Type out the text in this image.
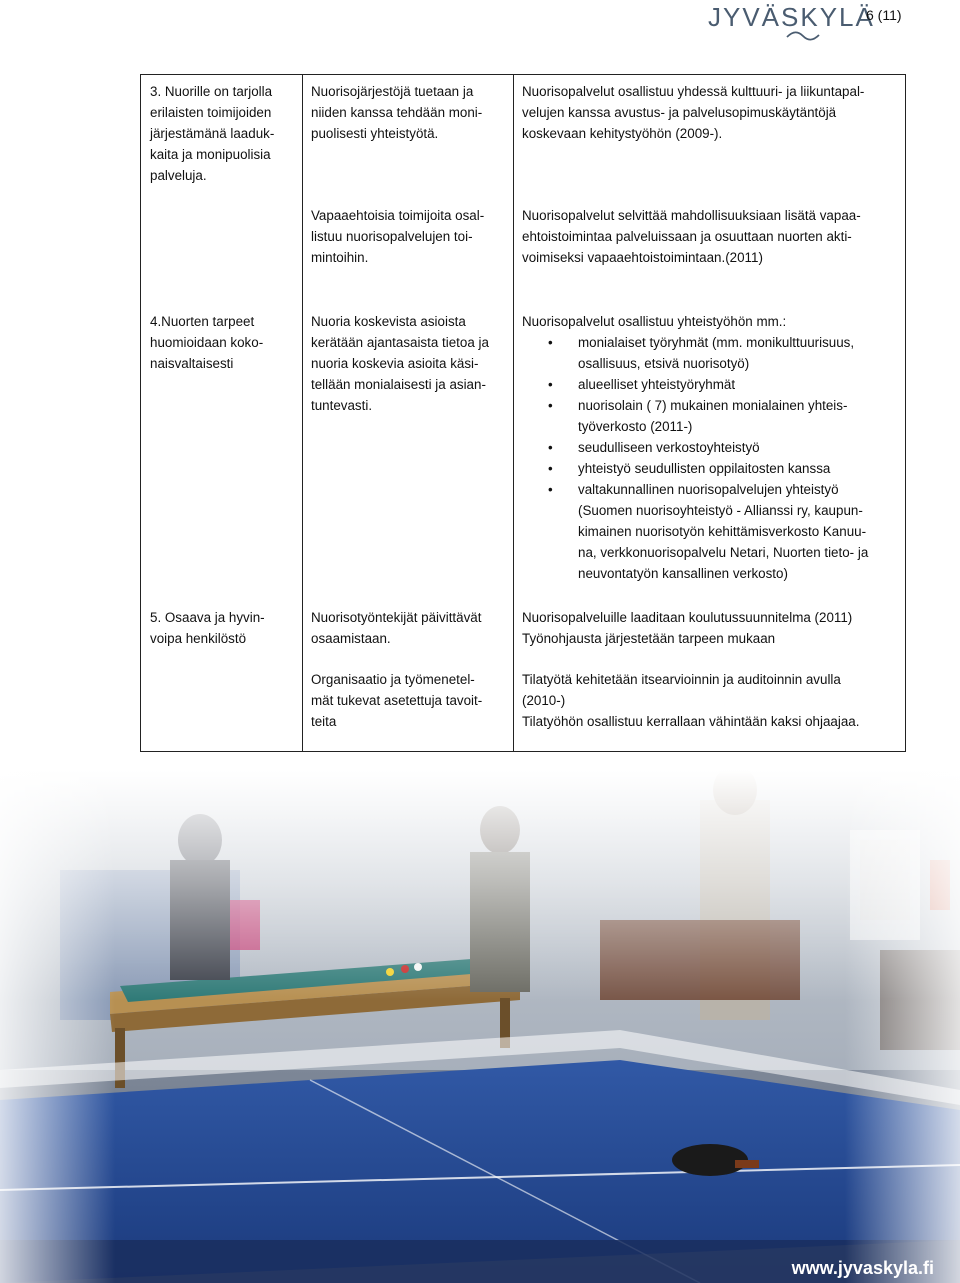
JYVÄSKYLÄ
6 (11)

3. Nuorille on tarjolla

erilaisten toimijoiden

järjestämänä laaduk-

kaita ja monipuolisia

palveluja.

Nuorisojärjestöjä tuetaan ja

niiden kanssa tehdään moni-

puolisesti yhteistyötä.

Nuorisopalvelut osallistuu yhdessä kulttuuri- ja liikuntapal-

velujen kanssa avustus- ja palvelusopimuskäytäntöjä

koskevaan kehitystyöhön (2009-).

Vapaaehtoisia toimijoita osal-

listuu nuorisopalvelujen toi-

mintoihin.

Nuorisopalvelut selvittää mahdollisuuksiaan lisätä vapaa-

ehtoistoimintaa palveluissaan ja osuuttaan nuorten akti-

voimiseksi vapaaehtoistoimintaan.(2011)

4.Nuorten tarpeet

huomioidaan koko-

naisvaltaisesti

Nuoria koskevista asioista

kerätään ajantasaista tietoa ja

nuoria koskevia asioita käsi-

tellään monialaisesti ja asian-

tuntevasti.

Nuorisopalvelut osallistuu yhteistyöhön mm.:

• monialaiset työryhmät (mm. monikulttuurisuus,

osallisuus, etsivä nuorisotyö)

• alueelliset yhteistyöryhmät

• nuorisolain ( 7) mukainen monialainen yhteis-

työverkosto (2011-)

• seudulliseen verkostoyhteistyö

• yhteistyö seudullisten oppilaitosten kanssa

• valtakunnallinen nuorisopalvelujen yhteistyö

(Suomen nuorisoyhteistyö - Allianssi ry, kaupun-

kimainen nuorisotyön kehittämisverkosto Kanuu-

na, verkkonuorisopalvelu Netari, Nuorten tieto- ja

neuvontatyön kansallinen verkosto)

5. Osaava ja hyvin-

voipa henkilöstö

Nuorisotyöntekijät päivittävät

osaamistaan.

Nuorisopalveluille laaditaan koulutussuunnitelma (2011)

Työnohjausta järjestetään tarpeen mukaan

Organisaatio ja työmenetel-

mät tukevat asetettuja tavoit-

teita

Tilatyötä kehitetään itsearvioinnin ja auditoinnin avulla

(2010-)

Tilatyöhön osallistuu kerrallaan vähintään kaksi ohjaajaa.

www.jyvaskyla.fi
